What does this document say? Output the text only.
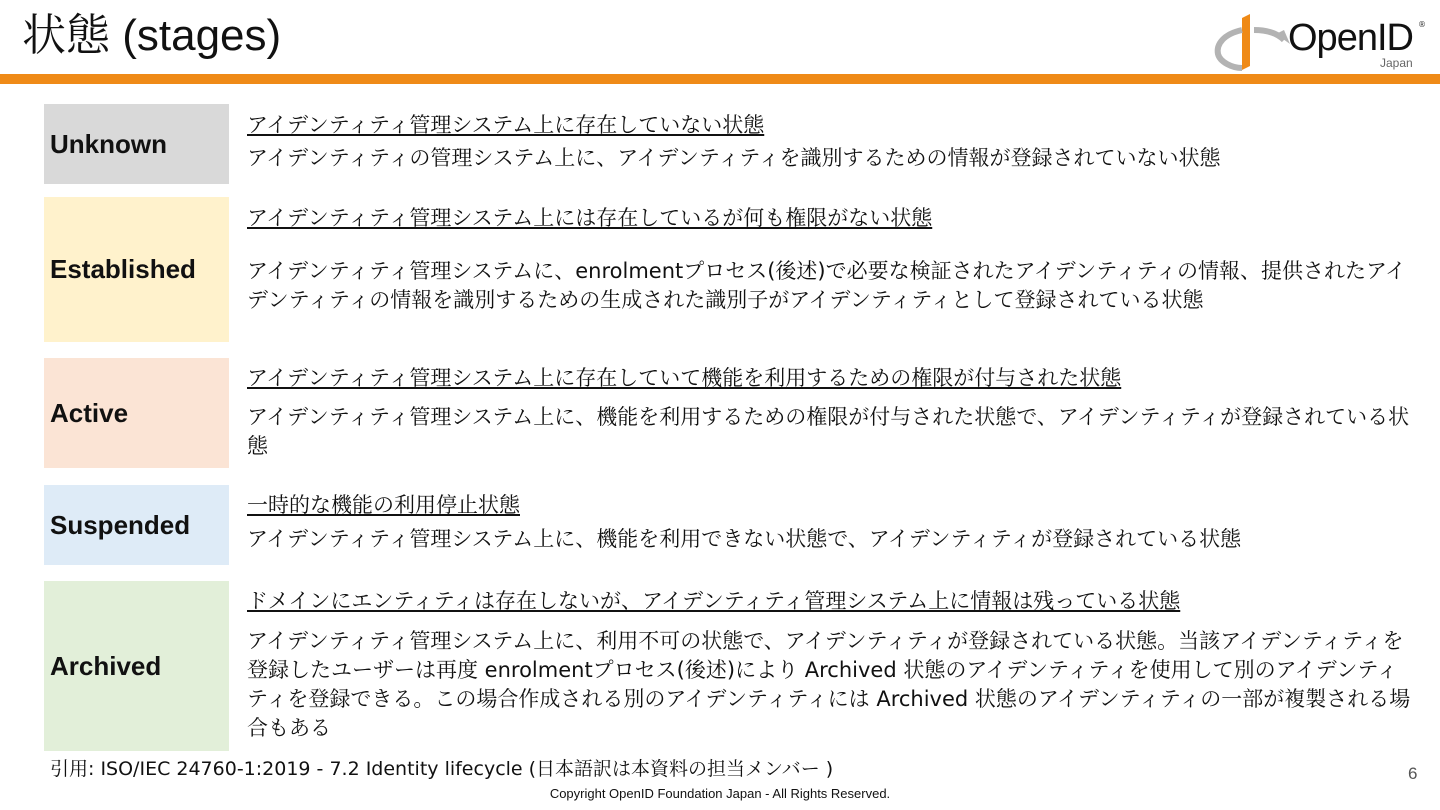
状態 (stages)	OpenID ®
Japan
Unknown
アイデンティティ管理システム上に存在していない状態
アイデンティティの管理システム上に、アイデンティティを識別するための情報が登録されていない状態
Established
アイデンティティ管理システム上には存在しているが何も権限がない状態
アイデンティティ管理システムに、enrolmentプロセス(後述)で必要な検証されたアイデンティティの情報、提供されたアイデンティティの情報を識別するための生成された識別子がアイデンティティとして登録されている状態
Active
アイデンティティ管理システム上に存在していて機能を利用するための権限が付与された状態
アイデンティティ管理システム上に、機能を利用するための権限が付与された状態で、アイデンティティが登録されている状態
Suspended
一時的な機能の利用停止状態
アイデンティティ管理システム上に、機能を利用できない状態で、アイデンティティが登録されている状態
Archived
ドメインにエンティティは存在しないが、アイデンティティ管理システム上に情報は残っている状態
アイデンティティ管理システム上に、利用不可の状態で、アイデンティティが登録されている状態。当該アイデンティティを登録したユーザーは再度 enrolmentプロセス(後述)により Archived 状態のアイデンティティを使用して別のアイデンティティを登録できる。この場合作成される別のアイデンティティには Archived 状態のアイデンティティの一部が複製される場合もある
引用: ISO/IEC 24760-1:2019 - 7.2 Identity lifecycle (日本語訳は本資料の担当メンバー )	6
Copyright OpenID Foundation Japan - All Rights Reserved.
